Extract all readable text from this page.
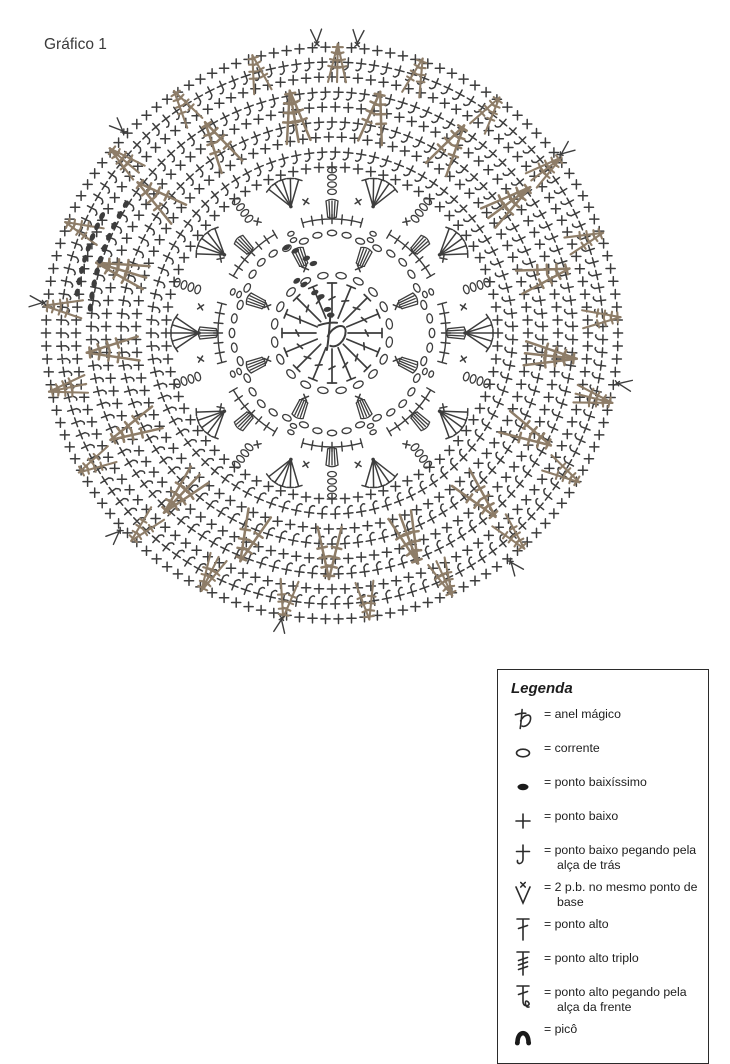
Gráfico 1
Legenda
= anel mágico
= corrente
= ponto baixíssimo
= ponto baixo
= ponto baixo pegando pela alça de trás
= 2 p.b. no mesmo ponto de base
= ponto alto
= ponto alto triplo
= ponto alto pegando pela alça da frente
= picô
